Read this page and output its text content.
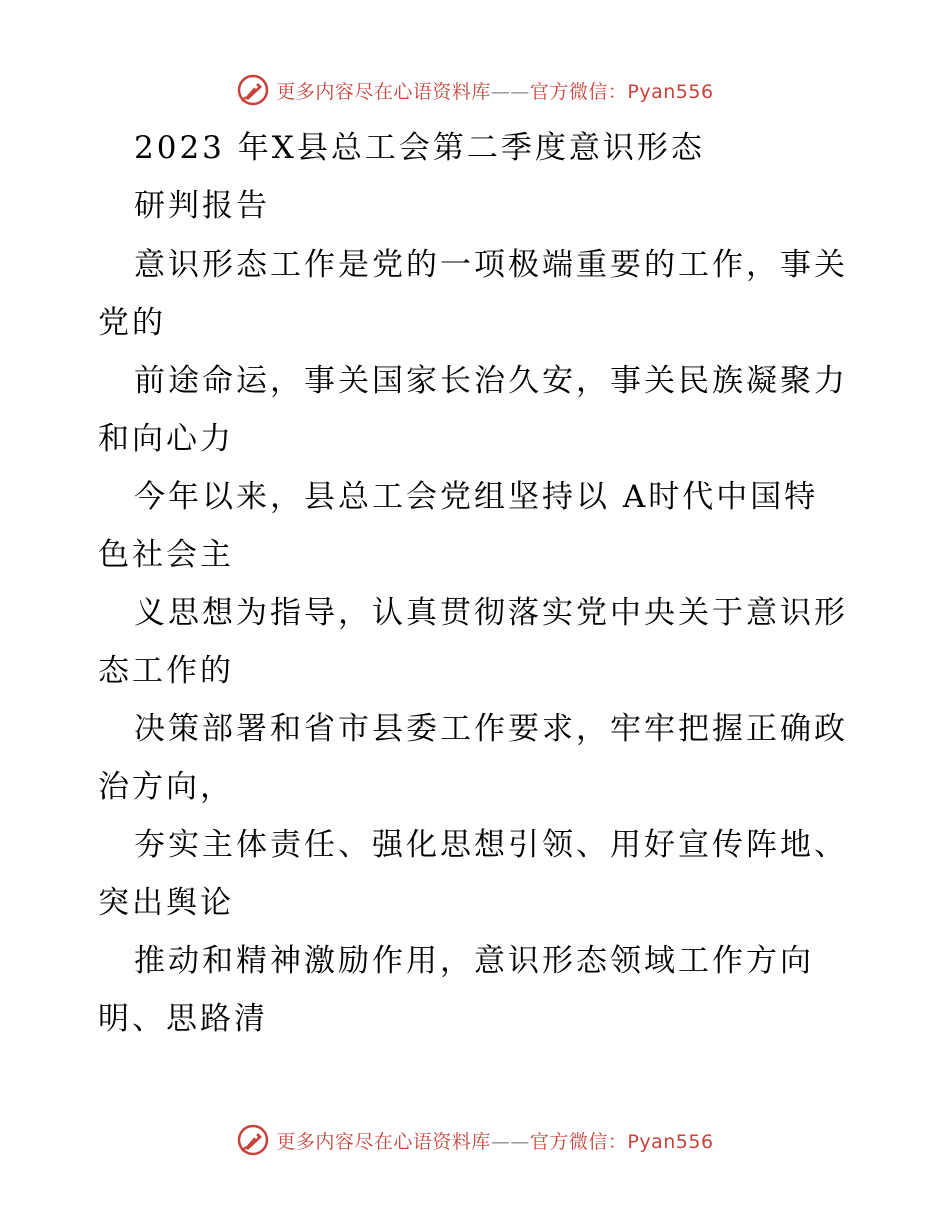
更多内容尽在心语资料库——官方微信：Pyan556
2023 年X县总工会第二季度意识形态
研判报告
意识形态工作是党的一项极端重要的工作，事关
党的
前途命运，事关国家长治久安，事关民族凝聚力
和向心力
今年以来，县总工会党组坚持以 A时代中国特
色社会主
义思想为指导，认真贯彻落实党中央关于意识形
态工作的
决策部署和省市县委工作要求，牢牢把握正确政
治方向，
夯实主体责任、强化思想引领、用好宣传阵地、
突出舆论
推动和精神激励作用，意识形态领域工作方向
明、思路清
更多内容尽在心语资料库——官方微信：Pyan556
